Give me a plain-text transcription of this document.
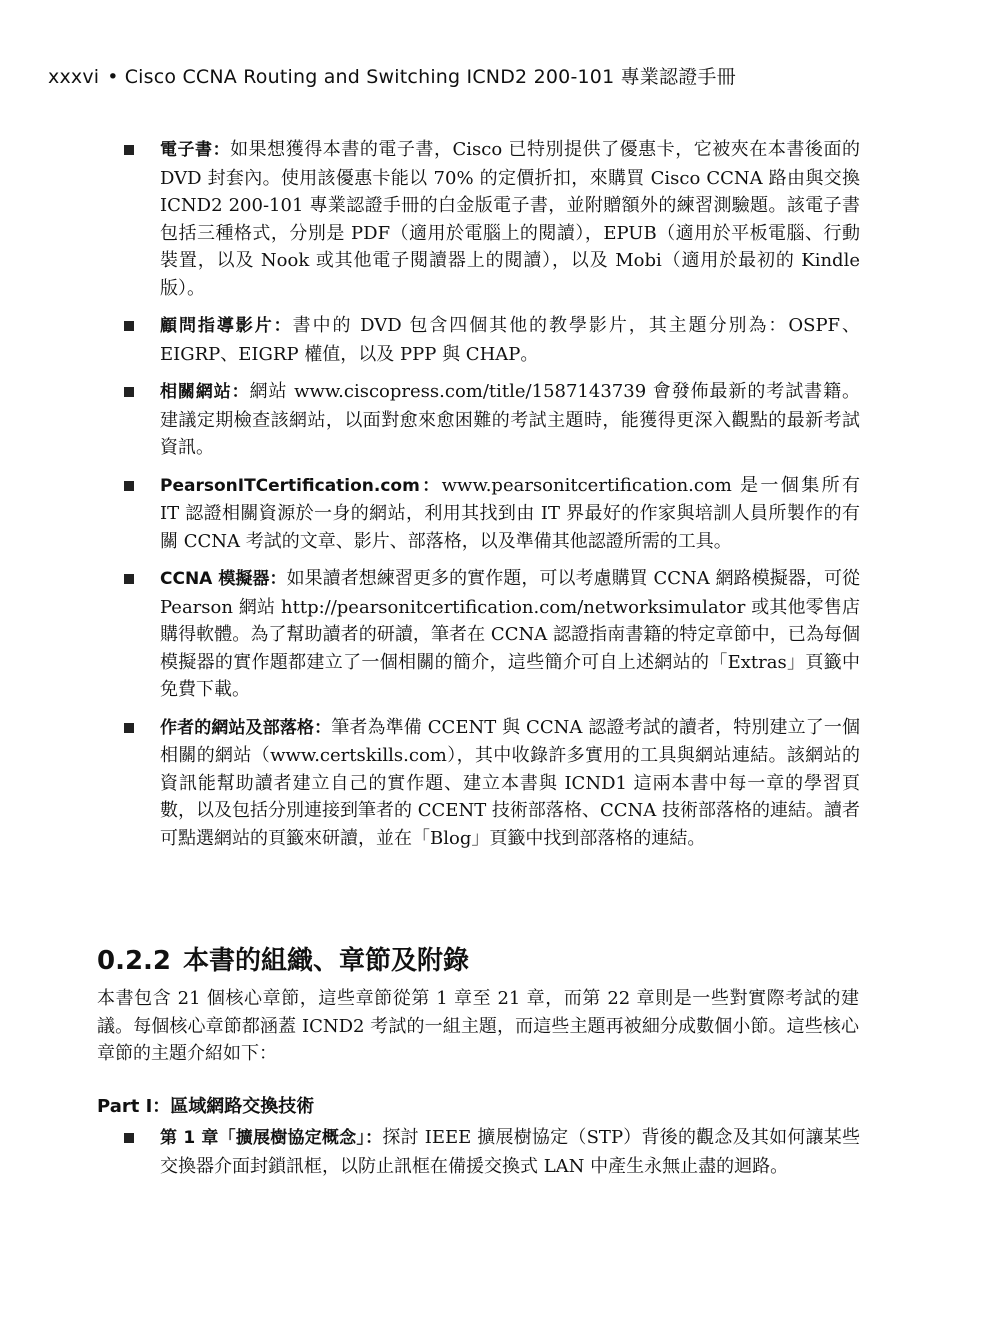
xxxvi • Cisco CCNA Routing and Switching ICND2 200-101 專業認證手冊
電子書：如果想獲得本書的電子書，Cisco 已特別提供了優惠卡，它被夾在本書後面的 DVD 封套內。使用該優惠卡能以 70% 的定價折扣，來購買 Cisco CCNA 路由與交換 ICND2 200-101 專業認證手冊的白金版電子書，並附贈額外的練習測驗題。該電子書包括三種格式，分別是 PDF（適用於電腦上的閱讀），EPUB（適用於平板電腦、行動裝置，以及 Nook 或其他電子閱讀器上的閱讀），以及 Mobi（適用於最初的 Kindle 版）。
顧問指導影片：書中的 DVD 包含四個其他的教學影片，其主題分別為：OSPF、EIGRP、EIGRP 權值，以及 PPP 與 CHAP。
相關網站：網站 www.ciscopress.com/title/1587143739 會發佈最新的考試書籍。建議定期檢查該網站，以面對愈來愈困難的考試主題時，能獲得更深入觀點的最新考試資訊。
PearsonITCertification.com：www.pearsonitcertification.com 是一個集所有 IT 認證相關資源於一身的網站，利用其找到由 IT 界最好的作家與培訓人員所製作的有關 CCNA 考試的文章、影片、部落格，以及準備其他認證所需的工具。
CCNA 模擬器：如果讀者想練習更多的實作題，可以考慮購買 CCNA 網路模擬器，可從 Pearson 網站 http://pearsonitcertification.com/networksimulator 或其他零售店購得軟體。為了幫助讀者的研讀，筆者在 CCNA 認證指南書籍的特定章節中，已為每個模擬器的實作題都建立了一個相關的簡介，這些簡介可自上述網站的「Extras」頁籤中免費下載。
作者的網站及部落格：筆者為準備 CCENT 與 CCNA 認證考試的讀者，特別建立了一個相關的網站（www.certskills.com），其中收錄許多實用的工具與網站連結。該網站的資訊能幫助讀者建立自己的實作題、建立本書與 ICND1 這兩本書中每一章的學習頁數，以及包括分別連接到筆者的 CCENT 技術部落格、CCNA 技術部落格的連結。讀者可點選網站的頁籤來研讀，並在「Blog」頁籤中找到部落格的連結。
0.2.2 本書的組織、章節及附錄

本書包含 21 個核心章節，這些章節從第 1 章至 21 章，而第 22 章則是一些對實際考試的建議。每個核心章節都涵蓋 ICND2 考試的一組主題，而這些主題再被細分成數個小節。這些核心章節的主題介紹如下：

Part I：區域網路交換技術
第 1 章「擴展樹協定概念」：探討 IEEE 擴展樹協定（STP）背後的觀念及其如何讓某些交換器介面封鎖訊框，以防止訊框在備援交換式 LAN 中產生永無止盡的迴路。
